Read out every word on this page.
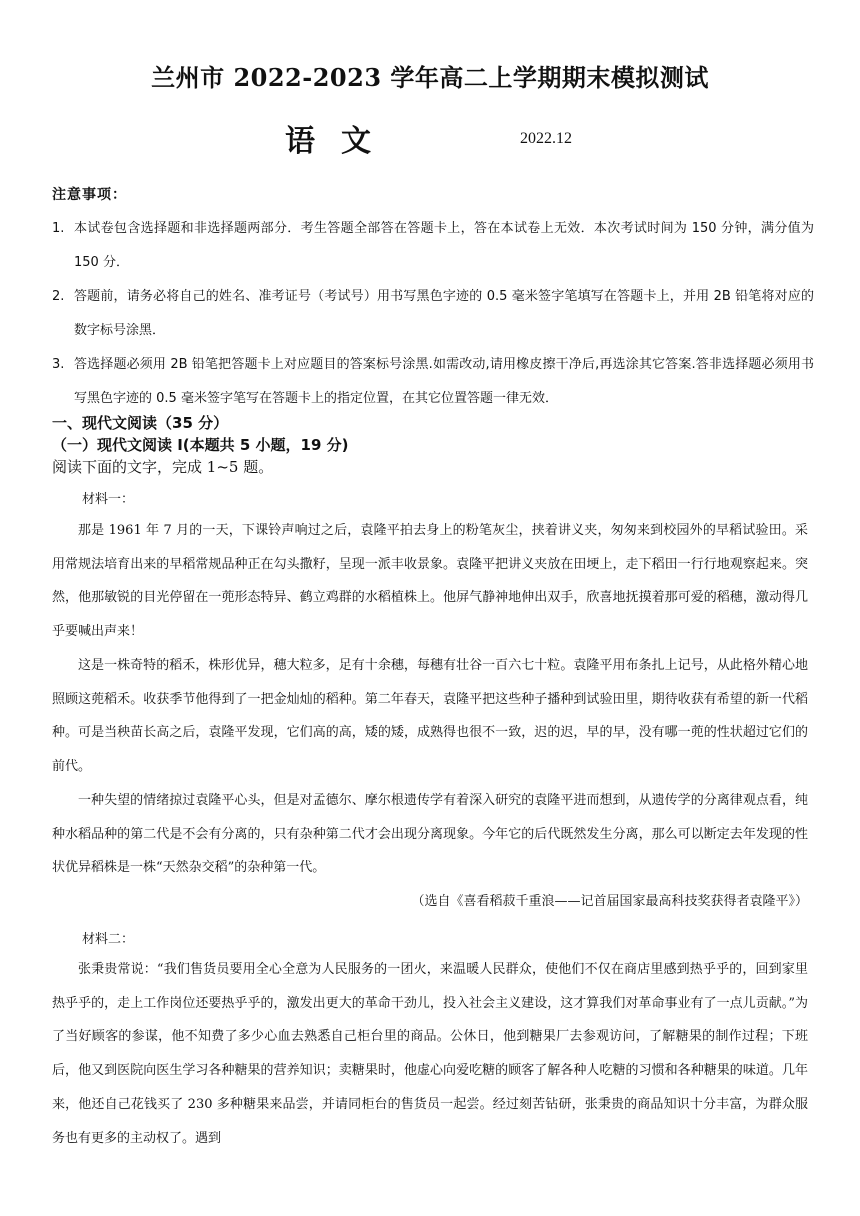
兰州市 2022-2023 学年高二上学期期末模拟测试
语文	2022.12
注意事项：
1. 本试卷包含选择题和非选择题两部分．考生答题全部答在答题卡上，答在本试卷上无效．本次考试时间为 150 分钟，满分值为 150 分．
2. 答题前，请务必将自己的姓名、准考证号（考试号）用书写黑色字迹的 0.5 毫米签字笔填写在答题卡上，并用 2B 铅笔将对应的数字标号涂黑．
3. 答选择题必须用 2B 铅笔把答题卡上对应题目的答案标号涂黑.如需改动,请用橡皮擦干净后,再选涂其它答案.答非选择题必须用书写黑色字迹的 0.5 毫米签字笔写在答题卡上的指定位置，在其它位置答题一律无效．
一、现代文阅读（35 分）
（一）现代文阅读 I(本题共 5 小题，19 分)
阅读下面的文字，完成 1~5 题。
材料一：

那是 1961 年 7 月的一天，下课铃声响过之后，袁隆平拍去身上的粉笔灰尘，挟着讲义夹，匆匆来到校园外的早稻试验田。采用常规法培育出来的早稻常规品种正在勾头撒籽，呈现一派丰收景象。袁隆平把讲义夹放在田埂上，走下稻田一行行地观察起来。突然，他那敏锐的目光停留在一蔸形态特异、鹤立鸡群的水稻植株上。他屏气静神地伸出双手，欣喜地抚摸着那可爱的稻穗，激动得几乎要喊出声来！

这是一株奇特的稻禾，株形优异，穗大粒多，足有十余穗，每穗有壮谷一百六七十粒。袁隆平用布条扎上记号，从此格外精心地照顾这蔸稻禾。收获季节他得到了一把金灿灿的稻种。第二年春天，袁隆平把这些种子播种到试验田里，期待收获有希望的新一代稻种。可是当秧苗长高之后，袁隆平发现，它们高的高，矮的矮，成熟得也很不一致，迟的迟，早的早，没有哪一蔸的性状超过它们的前代。

一种失望的情绪掠过袁隆平心头，但是对孟德尔、摩尔根遗传学有着深入研究的袁隆平进而想到，从遗传学的分离律观点看，纯种水稻品种的第二代是不会有分离的，只有杂种第二代才会出现分离现象。今年它的后代既然发生分离，那么可以断定去年发现的性状优异稻株是一株“天然杂交稻”的杂种第一代。

（选自《喜看稻菽千重浪——记首届国家最高科技奖获得者袁隆平》）
材料二：

张秉贵常说：“我们售货员要用全心全意为人民服务的一团火，来温暖人民群众，使他们不仅在商店里感到热乎乎的，回到家里热乎乎的，走上工作岗位还要热乎乎的，激发出更大的革命干劲儿，投入社会主义建设，这才算我们对革命事业有了一点儿贡献。”为了当好顾客的参谋，他不知费了多少心血去熟悉自己柜台里的商品。公休日，他到糖果厂去参观访问，了解糖果的制作过程；下班后，他又到医院向医生学习各种糖果的营养知识；卖糖果时，他虚心向爱吃糖的顾客了解各种人吃糖的习惯和各种糖果的味道。几年来，他还自己花钱买了 230 多种糖果来品尝，并请同柜台的售货员一起尝。经过刻苦钻研，张秉贵的商品知识十分丰富，为群众服务也有更多的主动权了。遇到
